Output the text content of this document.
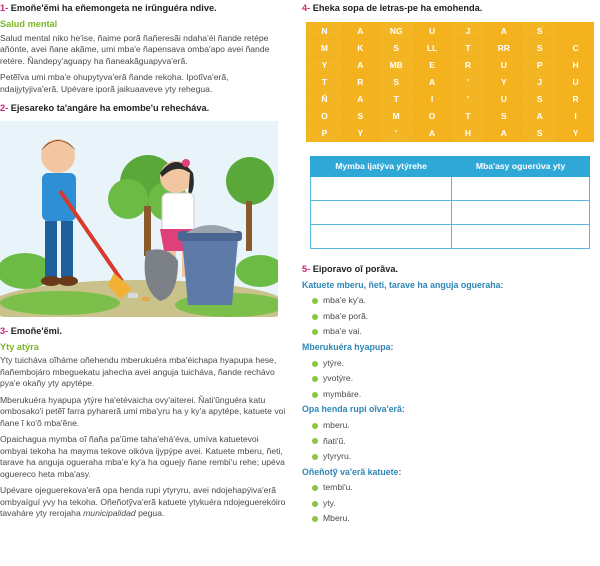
1- Emoñe'ẽmi ha eñemongeta ne irũnguéra ndive.
Salud mental

Salud mental niko he'ise, ñaime porã ñañeresãi ndaha'éi ñande retépe añónte, avei ñane akãme, umi mba'e ñapensava omba'apo avei ñande retére. Ñandepy'aguapy ha ñaneakãguapyva'erã.

Petẽĩva umi mba'e ohupytyva'erã ñande rekoha. Ipotĩva'erã, ndaijytyjiva'erã. Upévare iporã jaikuaaveve yty rehegua.

2- Ejesareko ta'angáre ha emombe'u rehecháva.
3- Emoñe'ẽmi.
Yty atýra

Yty tuicháva oĩháme oñehendu mberukuéra mba'éichapa hyapupa hese, ñañembojáro mbeguekatu jahecha avei anguja tuicháva, ñande rechávo pya'e okañy yty apytépe.

Mberukuéra hyapupa ytýre ha'etévaicha ovy'aiterei. Ñati'ũnguéra katu ombosako'i petẽĩ farra pyharerã umi mba'yru ha y ky'a apytépe, katuete voi ñane ĩ ko'õ mba'ẽne.

Opaichagua mymba oĩ ñaña pa'ũme taha'ehá'éva, umíva katuetevoi ombyai tekoha ha mayma tekove oikóva ijypýpe avei. Katuete mberu, ñeti, tarave ha anguja ogueraha mba'e ky'a ha oguejy ñane rembi'u rehe; upéva oguereco heta mba'asy.

Upévare ojeguerekova'erã opa henda rupi ytyryru, avei ndojehapýiva'erã ombyaíguí yvy ha tekoha. Oñeñotỹva'erã katuete ytykuéra ndojeguerekóiro tavaháre yty rerojaha municipalidad pegua.

4- Eheka sopa de letras-pe ha emohenda.
N	A	NG	U	J	A	S
M	K	S	LL	T	RR	S	C
Y	A	MB	E	R	U	P	H
T	R	S	A	'	Y	J	U
Ñ	A	T	I	'	U	S	R
O	S	M	O	T	S	A	I
P	Y	'	A	H	A	S	Y
Mymba ijatýva ytýrehe	Mba'asy oguerúva yty

5- Eiporavo oĩ porãva.
Katuete mberu, ñeti, tarave ha anguja ogueraha:
mba'e ky'a.
mba'e porã.
mba'e vai.
Mberukuéra hyapupa:
ytýre.
yvotýre.
mymbáre.
Opa henda rupi oĩva'erã:
mberu.
ñati'ũ.
ytyryru.
Oñeñotỹ va'erã katuete:
tembi'u.
yty.
Mberu.
